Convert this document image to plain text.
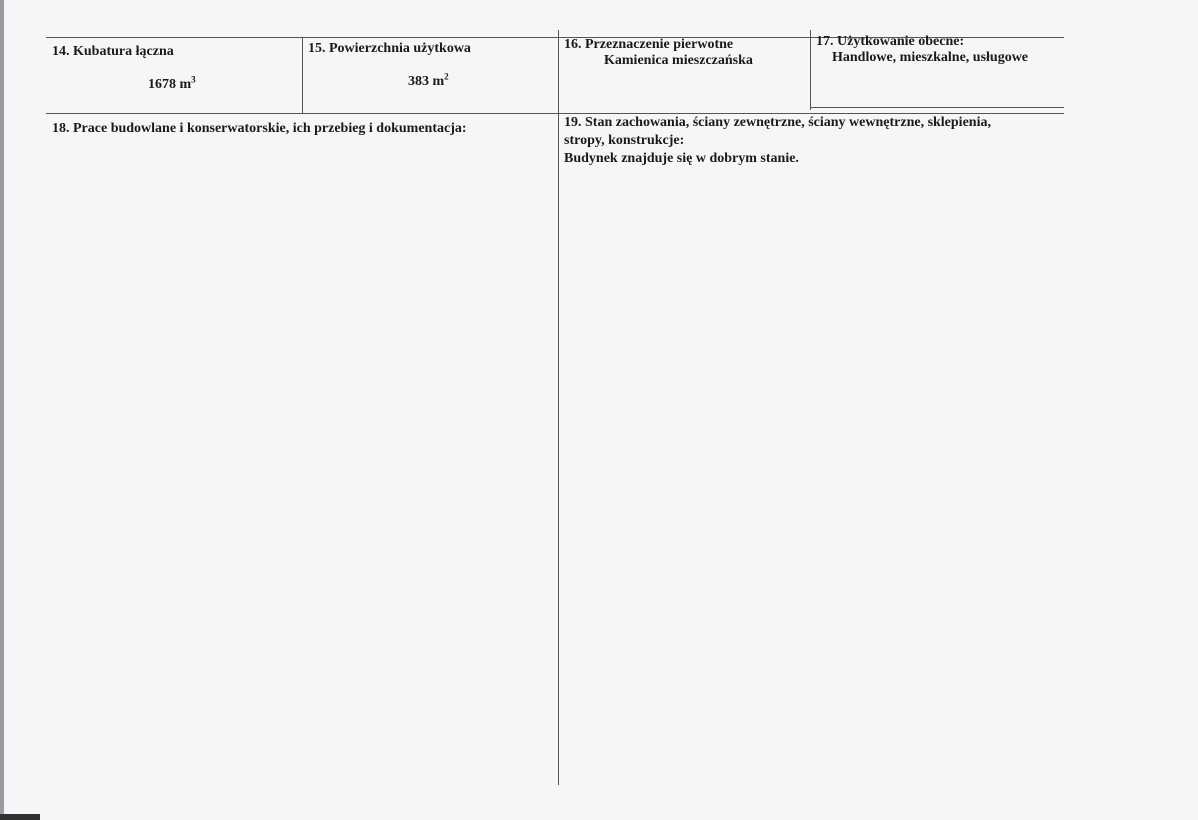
14. Kubatura łączna
1678 $m^3$
15. Powierzchnia użytkowa
383 $m^2$
16. Przeznaczenie pierwotne
Kamienica mieszczańska
17. Użytkowanie obecne:
Handlowe, mieszkalne, usługowe
18. Prace budowlane i konserwatorskie, ich przebieg i dokumentacja:	19. Stan zachowania, ściany zewnętrzne, ściany wewnętrzne, sklepienia,
stropy, konstrukcje:
Budynek znajduje się w dobrym stanie.
